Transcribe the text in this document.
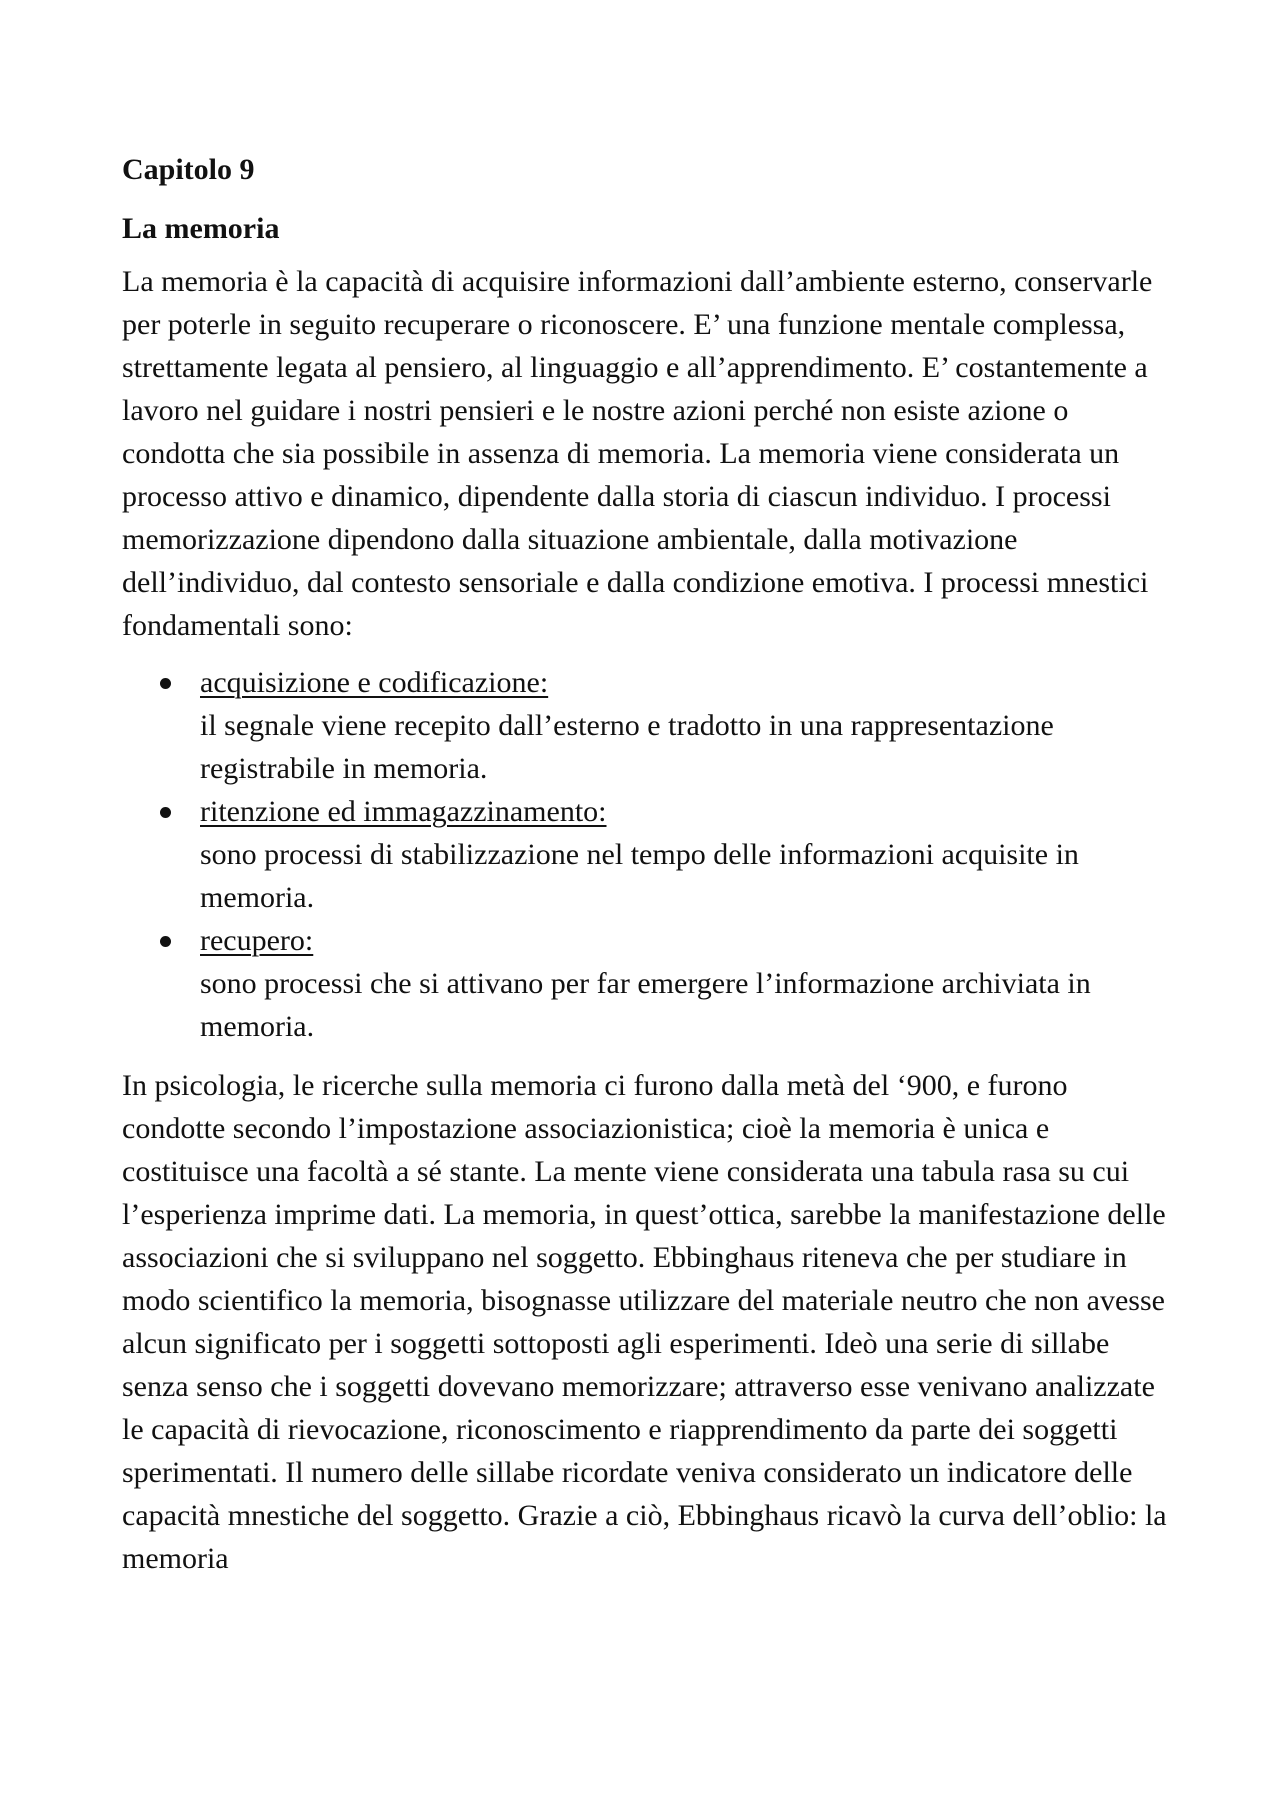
Capitolo 9
La memoria

La memoria è la capacità di acquisire informazioni dall’ambiente esterno, conservarle per poterle in seguito recuperare o riconoscere. E’ una funzione mentale complessa, strettamente legata al pensiero, al linguaggio e all’apprendimento. E’ costantemente a lavoro nel guidare i nostri pensieri e le nostre azioni perché non esiste azione o condotta che sia possibile in assenza di memoria. La memoria viene considerata un processo attivo e dinamico, dipendente dalla storia di ciascun individuo. I processi memorizzazione dipendono dalla situazione ambientale, dalla motivazione dell’individuo, dal contesto sensoriale e dalla condizione emotiva. I processi mnestici fondamentali sono:

acquisizione e codificazione:
il segnale viene recepito dall’esterno e tradotto in una rappresentazione registrabile in memoria.
ritenzione ed immagazzinamento:
sono processi di stabilizzazione nel tempo delle informazioni acquisite in memoria.
recupero:
sono processi che si attivano per far emergere l’informazione archiviata in memoria.

In psicologia, le ricerche sulla memoria ci furono dalla metà del ‘900, e furono condotte secondo l’impostazione associazionistica; cioè la memoria è unica e costituisce una facoltà a sé stante. La mente viene considerata una tabula rasa su cui l’esperienza imprime dati. La memoria, in quest’ottica, sarebbe la manifestazione delle associazioni che si sviluppano nel soggetto. Ebbinghaus riteneva che per studiare in modo scientifico la memoria, bisognasse utilizzare del materiale neutro che non avesse alcun significato per i soggetti sottoposti agli esperimenti. Ideò una serie di sillabe senza senso che i soggetti dovevano memorizzare; attraverso esse venivano analizzate le capacità di rievocazione, riconoscimento e riapprendimento da parte dei soggetti sperimentati. Il numero delle sillabe ricordate veniva considerato un indicatore delle capacità mnestiche del soggetto. Grazie a ciò, Ebbinghaus ricavò la curva dell’oblio: la memoria
